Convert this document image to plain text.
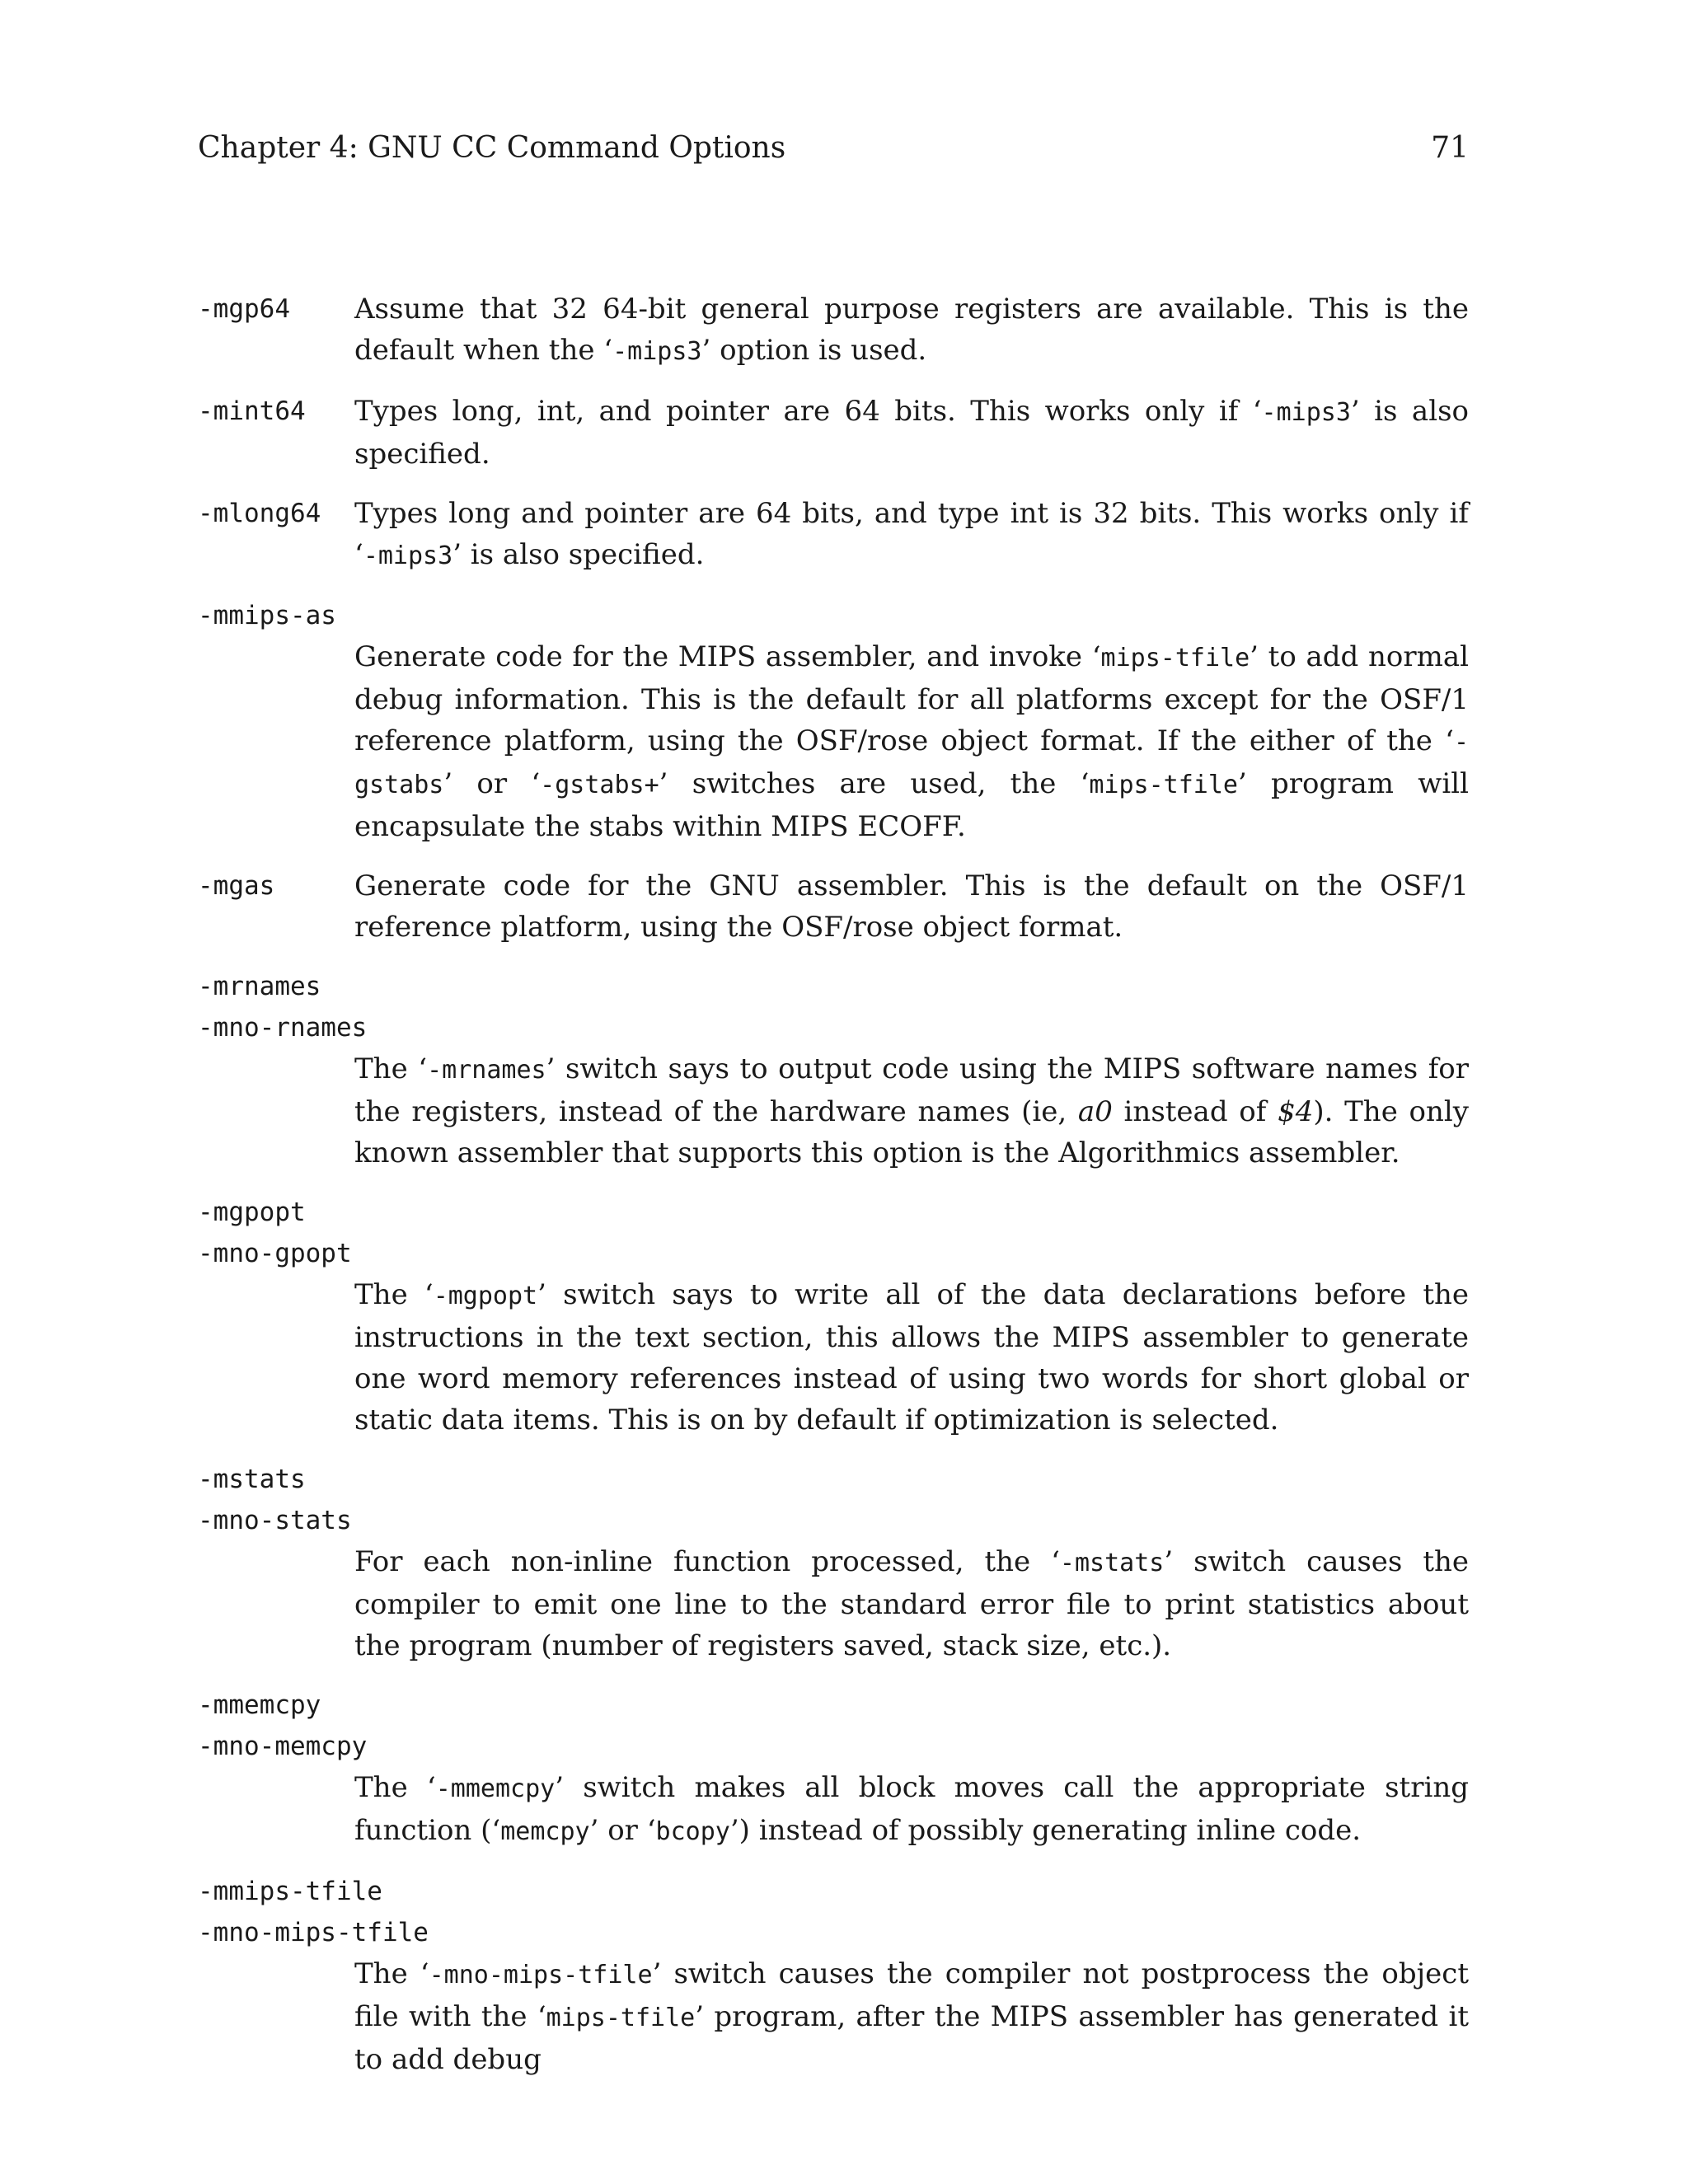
Chapter 4: GNU CC Command Options	71
-mgp64 Assume that 32 64-bit general purpose registers are available. This is the default when the ‘-mips3’ option is used.
-mint64 Types long, int, and pointer are 64 bits. This works only if ‘-mips3’ is also specified.
-mlong64 Types long and pointer are 64 bits, and type int is 32 bits. This works only if ‘-mips3’ is also specified.
-mmips-as
Generate code for the MIPS assembler, and invoke ‘mips-tfile’ to add normal debug information. This is the default for all platforms except for the OSF/1 reference platform, using the OSF/rose object format. If the either of the ‘-gstabs’ or ‘-gstabs+’ switches are used, the ‘mips-tfile’ program will encapsulate the stabs within MIPS ECOFF.
-mgas	Generate code for the GNU assembler. This is the default on the OSF/1 reference platform, using the OSF/rose object format.
-mrnames
-mno-rnames
The ‘-mrnames’ switch says to output code using the MIPS software names for the registers, instead of the hardware names (ie, a0 instead of $4). The only known assembler that supports this option is the Algorithmics assembler.
-mgpopt
-mno-gpopt
The ‘-mgpopt’ switch says to write all of the data declarations before the instructions in the text section, this allows the MIPS assembler to generate one word memory references instead of using two words for short global or static data items. This is on by default if optimization is selected.
-mstats
-mno-stats
For each non-inline function processed, the ‘-mstats’ switch causes the compiler to emit one line to the standard error file to print statistics about the program (number of registers saved, stack size, etc.).
-mmemcpy
-mno-memcpy
The ‘-mmemcpy’ switch makes all block moves call the appropriate string function (‘memcpy’ or ‘bcopy’) instead of possibly generating inline code.
-mmips-tfile
-mno-mips-tfile
The ‘-mno-mips-tfile’ switch causes the compiler not postprocess the object file with the ‘mips-tfile’ program, after the MIPS assembler has generated it to add debug
